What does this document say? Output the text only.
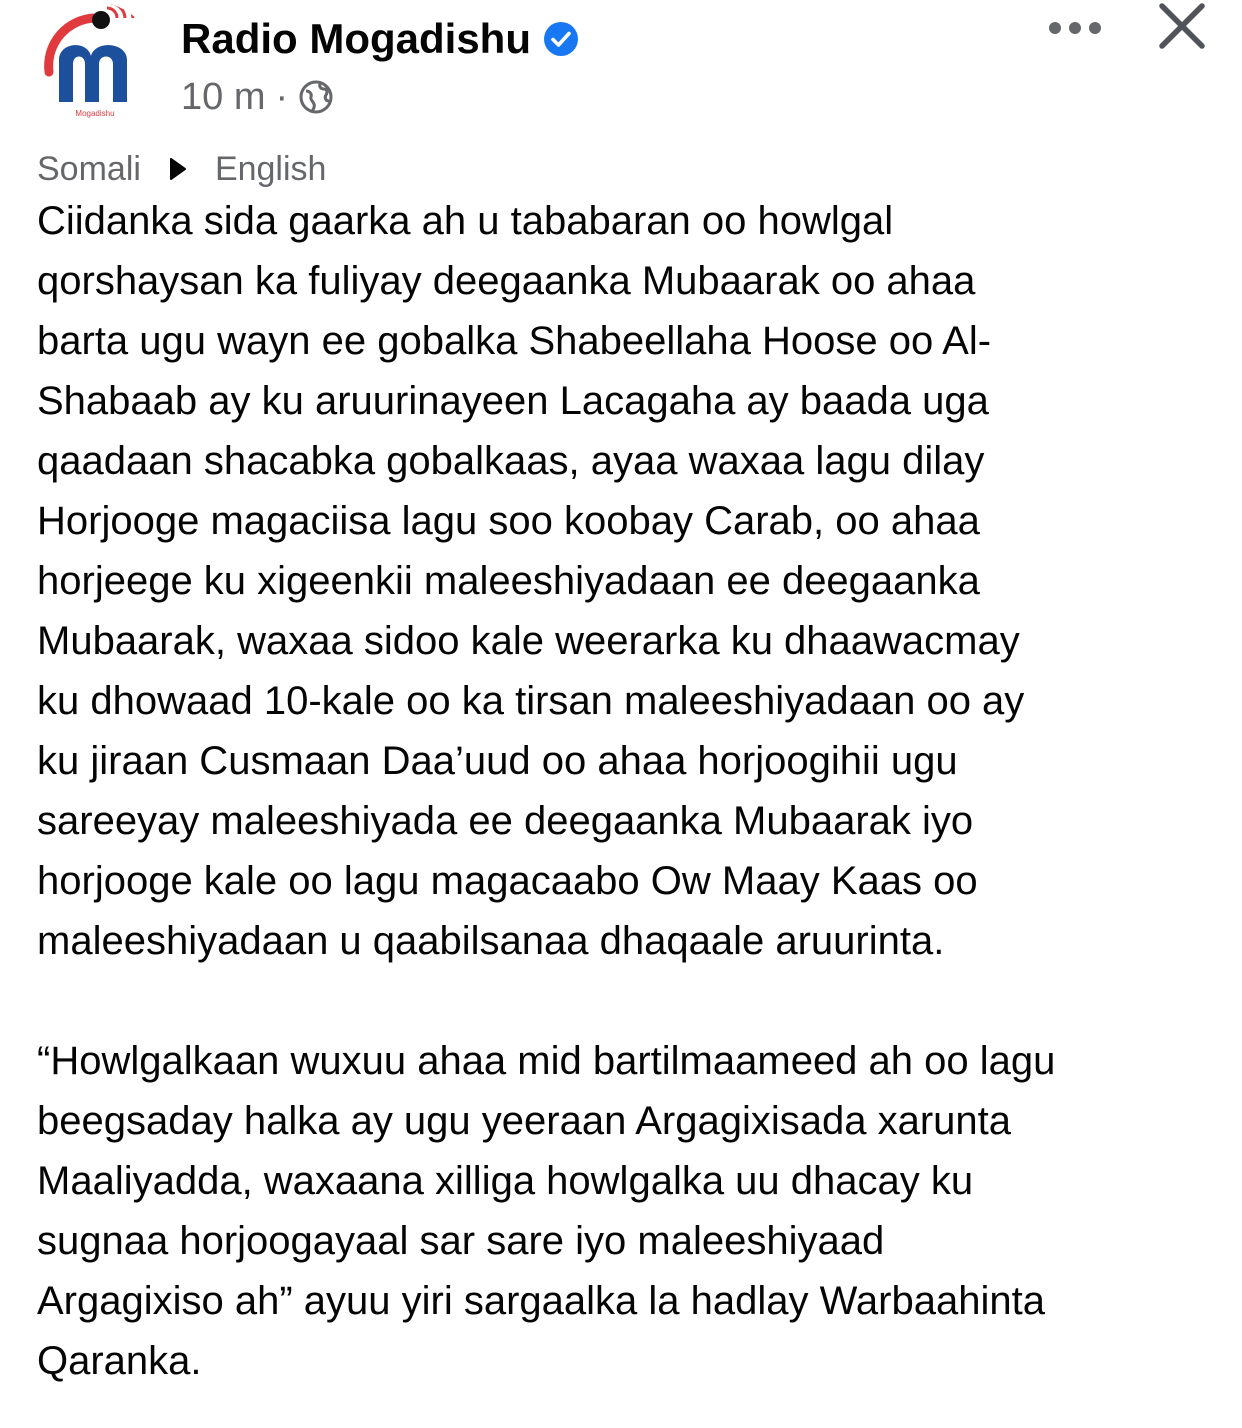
Mogadishu
Radio Mogadishu
10 m ·
Somali English

Ciidanka sida gaarka ah u tababaran oo howlgal
qorshaysan ka fuliyay deegaanka Mubaarak oo ahaa
barta ugu wayn ee gobalka Shabeellaha Hoose oo Al-
Shabaab ay ku aruurinayeen Lacagaha ay baada uga
qaadaan shacabka gobalkaas, ayaa waxaa lagu dilay
Horjooge magaciisa lagu soo koobay Carab, oo ahaa
horjeege ku xigeenkii maleeshiyadaan ee deegaanka
Mubaarak, waxaa sidoo kale weerarka ku dhaawacmay
ku dhowaad 10-kale oo ka tirsan maleeshiyadaan oo ay
ku jiraan Cusmaan Daa’uud oo ahaa horjoogihii ugu
sareeyay maleeshiyada ee deegaanka Mubaarak iyo
horjooge kale oo lagu magacaabo Ow Maay Kaas oo
maleeshiyadaan u qaabilsanaa dhaqaale aruurinta.

“Howlgalkaan wuxuu ahaa mid bartilmaameed ah oo lagu
beegsaday halka ay ugu yeeraan Argagixisada xarunta
Maaliyadda, waxaana xilliga howlgalka uu dhacay ku
sugnaa horjoogayaal sar sare iyo maleeshiyaad
Argagixiso ah” ayuu yiri sargaalka la hadlay Warbaahinta
Qaranka.
